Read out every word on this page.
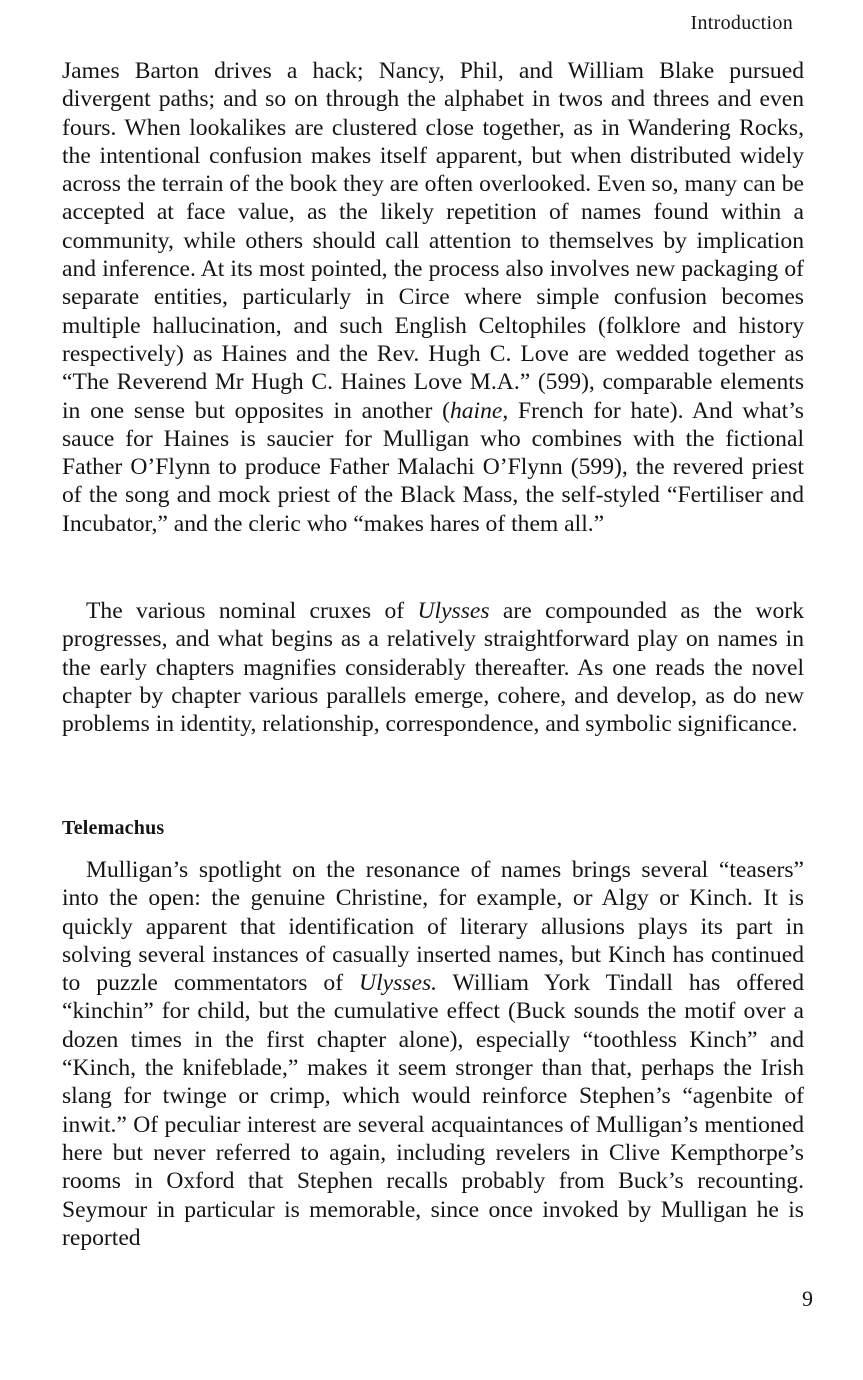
Introduction
James Barton drives a hack; Nancy, Phil, and William Blake pursued divergent paths; and so on through the alphabet in twos and threes and even fours. When lookalikes are clustered close together, as in Wandering Rocks, the intentional confusion makes itself apparent, but when distributed widely across the terrain of the book they are often overlooked. Even so, many can be accepted at face value, as the likely repetition of names found within a community, while others should call attention to themselves by implication and inference. At its most pointed, the process also involves new packaging of separate entities, particularly in Circe where simple confusion becomes multiple hallucination, and such English Celtophiles (folklore and history respectively) as Haines and the Rev. Hugh C. Love are wedded together as “The Reverend Mr Hugh C. Haines Love M.A.” (599), comparable elements in one sense but opposites in another (haine, French for hate). And what’s sauce for Haines is saucier for Mulligan who combines with the fictional Father O’Flynn to produce Father Malachi O’Flynn (599), the revered priest of the song and mock priest of the Black Mass, the self-styled “Fertiliser and Incubator,” and the cleric who “makes hares of them all.”
The various nominal cruxes of Ulysses are compounded as the work progresses, and what begins as a relatively straightforward play on names in the early chapters magnifies considerably thereafter. As one reads the novel chapter by chapter various parallels emerge, cohere, and develop, as do new problems in identity, relationship, correspondence, and symbolic significance.
Telemachus
Mulligan’s spotlight on the resonance of names brings several “teasers” into the open: the genuine Christine, for example, or Algy or Kinch. It is quickly apparent that identification of literary allusions plays its part in solving several instances of casually inserted names, but Kinch has continued to puzzle commentators of Ulysses. William York Tindall has offered “kinchin” for child, but the cumulative effect (Buck sounds the motif over a dozen times in the first chapter alone), especially “toothless Kinch” and “Kinch, the knifeblade,” makes it seem stronger than that, perhaps the Irish slang for twinge or crimp, which would reinforce Stephen’s “agenbite of inwit.” Of peculiar interest are several acquaintances of Mulligan’s mentioned here but never referred to again, including revelers in Clive Kempthorpe’s rooms in Oxford that Stephen recalls probably from Buck’s recounting. Seymour in particular is memorable, since once invoked by Mulligan he is reported
9
